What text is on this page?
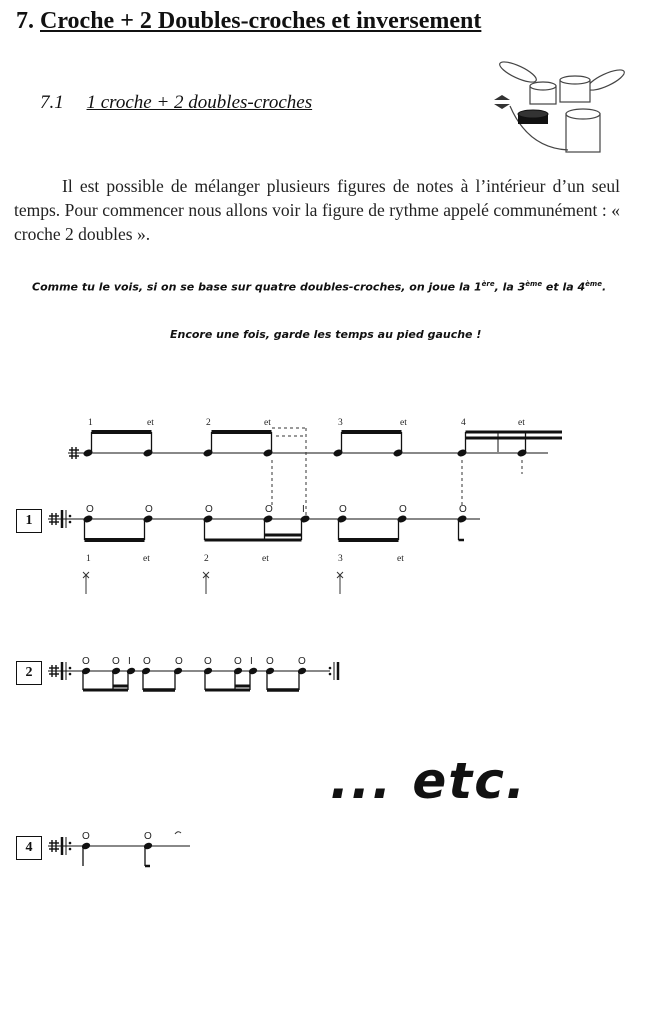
7. Croche + 2 Doubles-croches et inversement
7.1 1 croche + 2 doubles-croches
Il est possible de mélanger plusieurs figures de notes à l’intérieur d’un seul temps. Pour commencer nous allons voir la figure de rythme appelé communément : « croche 2 doubles ».
Comme tu le vois, si on se base sur quatre doubles-croches, on joue la 1ère, la 3ème et la 4ème.
Encore une fois, garde les temps au pied gauche !
1
2
4
1	et	2	et	3	et	4	et
1	et	2	et	3	et
O	O	O	O	I	O	O	O
O O I O O O O I O O
O	O
... etc.
